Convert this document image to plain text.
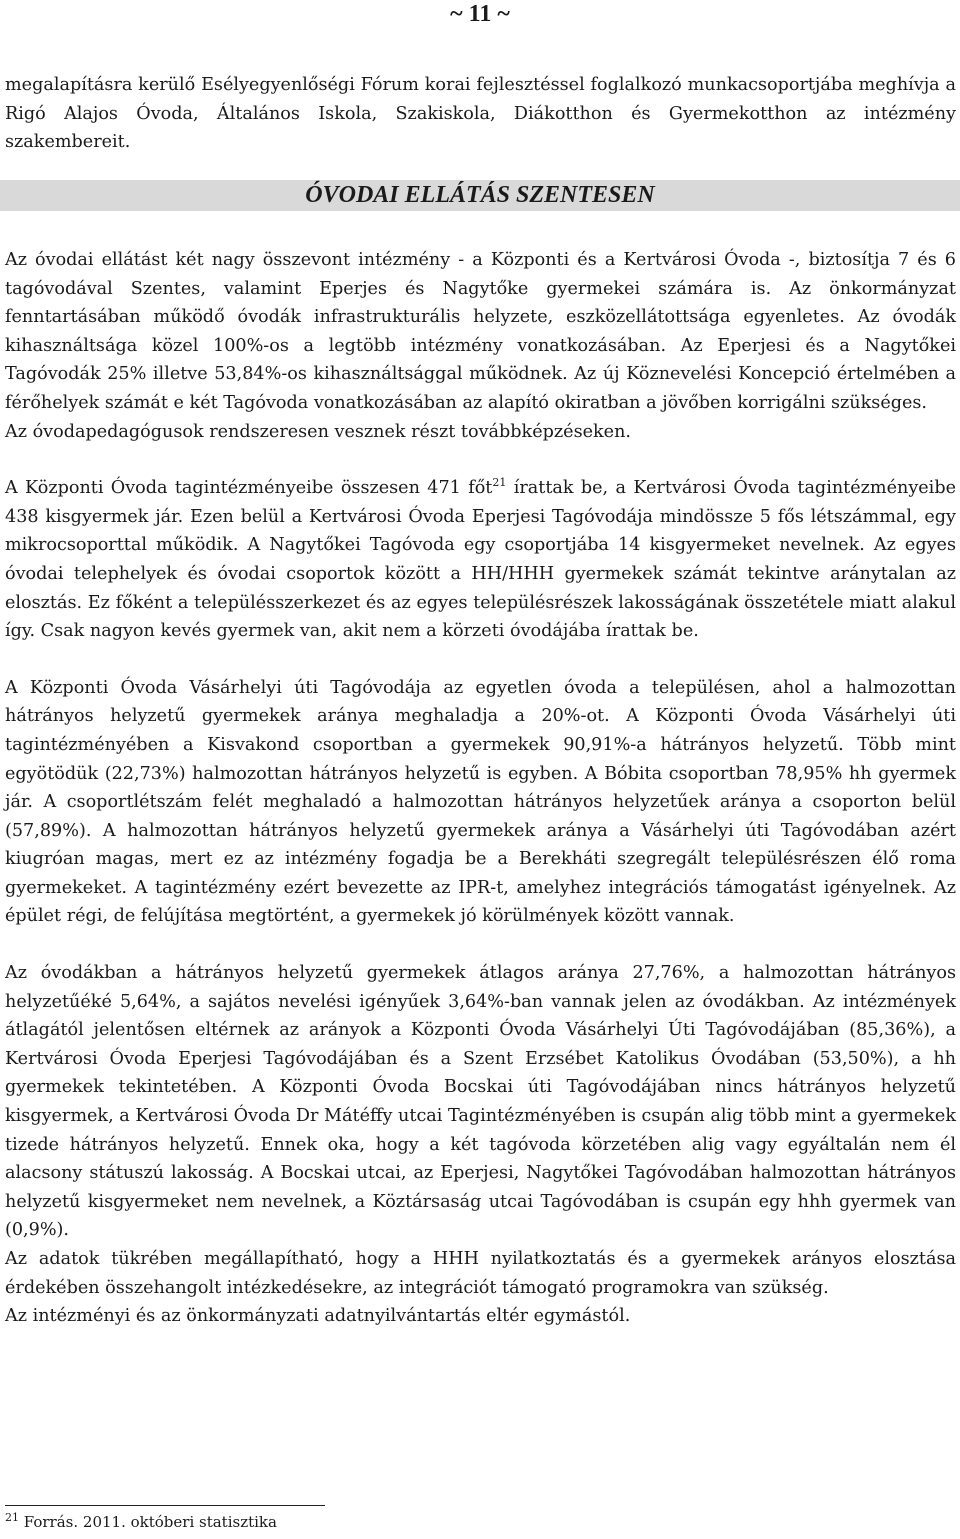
~ 11 ~

megalapításra kerülő Esélyegyenlőségi Fórum korai fejlesztéssel foglalkozó munkacsoportjába meghívja a Rigó Alajos Óvoda, Általános Iskola, Szakiskola, Diákotthon és Gyermekotthon az intézmény szakembereit.

ÓVODAI ELLÁTÁS SZENTESEN

Az óvodai ellátást két nagy összevont intézmény - a Központi és a Kertvárosi Óvoda -, biztosítja 7 és 6 tagóvodával Szentes, valamint Eperjes és Nagytőke gyermekei számára is. Az önkormányzat fenntartásában működő óvodák infrastrukturális helyzete, eszközellátottsága egyenletes. Az óvodák kihasználtsága közel 100%-os a legtöbb intézmény vonatkozásában. Az Eperjesi és a Nagytőkei Tagóvodák 25% illetve 53,84%-os kihasználtsággal működnek. Az új Köznevelési Koncepció értelmében a férőhelyek számát e két Tagóvoda vonatkozásában az alapító okiratban a jövőben korrigálni szükséges.

Az óvodapedagógusok rendszeresen vesznek részt továbbképzéseken.

A Központi Óvoda tagintézményeibe összesen 471 főt$^{21}$ írattak be, a Kertvárosi Óvoda tagintézményeibe 438 kisgyermek jár. Ezen belül a Kertvárosi Óvoda Eperjesi Tagóvodája mindössze 5 fős létszámmal, egy mikrocsoporttal működik. A Nagytőkei Tagóvoda egy csoportjába 14 kisgyermeket nevelnek. Az egyes óvodai telephelyek és óvodai csoportok között a HH/HHH gyermekek számát tekintve aránytalan az elosztás. Ez főként a településszerkezet és az egyes településrészek lakosságának összetétele miatt alakul így. Csak nagyon kevés gyermek van, akit nem a körzeti óvodájába írattak be.

A Központi Óvoda Vásárhelyi úti Tagóvodája az egyetlen óvoda a településen, ahol a halmozottan hátrányos helyzetű gyermekek aránya meghaladja a 20%-ot. A Központi Óvoda Vásárhelyi úti tagintézményében a Kisvakond csoportban a gyermekek 90,91%-a hátrányos helyzetű. Több mint egyötödük (22,73%) halmozottan hátrányos helyzetű is egyben. A Bóbita csoportban 78,95% hh gyermek jár. A csoportlétszám felét meghaladó a halmozottan hátrányos helyzetűek aránya a csoporton belül (57,89%). A halmozottan hátrányos helyzetű gyermekek aránya a Vásárhelyi úti Tagóvodában azért kiugróan magas, mert ez az intézmény fogadja be a Berekháti szegregált településrészen élő roma gyermekeket. A tagintézmény ezért bevezette az IPR-t, amelyhez integrációs támogatást igényelnek. Az épület régi, de felújítása megtörtént, a gyermekek jó körülmények között vannak.

Az óvodákban a hátrányos helyzetű gyermekek átlagos aránya 27,76%, a halmozottan hátrányos helyzetűéké 5,64%, a sajátos nevelési igényűek 3,64%-ban vannak jelen az óvodákban. Az intézmények átlagától jelentősen eltérnek az arányok a Központi Óvoda Vásárhelyi Úti Tagóvodájában (85,36%), a Kertvárosi Óvoda Eperjesi Tagóvodájában és a Szent Erzsébet Katolikus Óvodában (53,50%), a hh gyermekek tekintetében. A Központi Óvoda Bocskai úti Tagóvodájában nincs hátrányos helyzetű kisgyermek, a Kertvárosi Óvoda Dr Mátéffy utcai Tagintézményében is csupán alig több mint a gyermekek tizede hátrányos helyzetű. Ennek oka, hogy a két tagóvoda körzetében alig vagy egyáltalán nem él alacsony státuszú lakosság. A Bocskai utcai, az Eperjesi, Nagytőkei Tagóvodában halmozottan hátrányos helyzetű kisgyermeket nem nevelnek, a Köztársaság utcai Tagóvodában is csupán egy hhh gyermek van (0,9%).

Az adatok tükrében megállapítható, hogy a HHH nyilatkoztatás és a gyermekek arányos elosztása érdekében összehangolt intézkedésekre, az integrációt támogató programokra van szükség.

Az intézményi és az önkormányzati adatnyilvántartás eltér egymástól.

$^{21}$ Forrás. 2011. októberi statisztika
